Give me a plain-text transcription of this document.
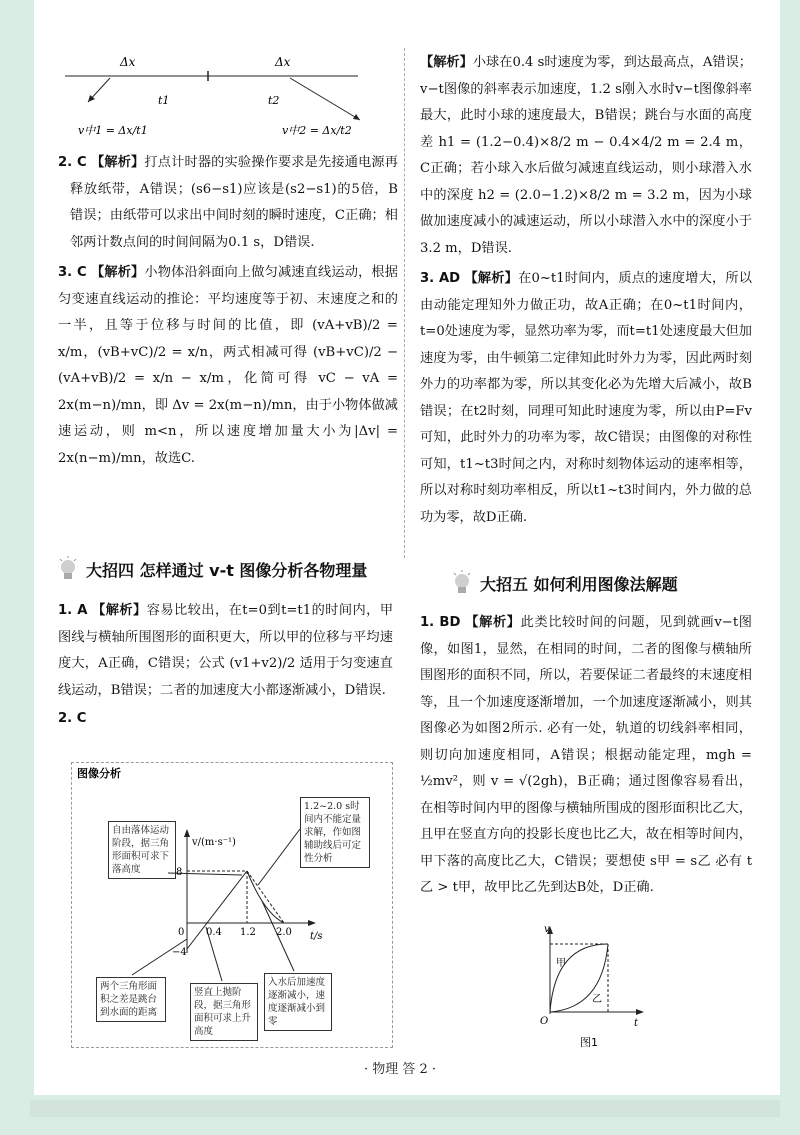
Δx	Δx
t1	t2
v中1 = Δx/t1	v中2 = Δx/t2

2. C 【解析】打点计时器的实验操作要求是先接通电源再释放纸带，A错误；(s6−s1)应该是(s2−s1)的5倍，B错误；由纸带可以求出中间时刻的瞬时速度，C正确；相邻两计数点间的时间间隔为0.1 s，D错误.

3. C 【解析】小物体沿斜面向上做匀减速直线运动，根据匀变速直线运动的推论：平均速度等于初、末速度之和的一半，且等于位移与时间的比值，即 (vA+vB)/2 = x/m，(vB+vC)/2 = x/n，两式相减可得 (vB+vC)/2 − (vA+vB)/2 = x/n − x/m，化简可得 vC − vA = 2x(m−n)/mn，即 Δv = 2x(m−n)/mn，由于小物体做减速运动，则 m<n，所以速度增加量大小为|Δv| = 2x(n−m)/mn，故选C.

大招四 怎样通过 v-t 图像分析各物理量

1. A 【解析】容易比较出，在t=0到t=t1的时间内，甲图线与横轴所围图形的面积更大，所以甲的位移与平均速度大，A正确，C错误；公式 (v1+v2)/2 适用于匀变速直线运动，B错误；二者的加速度大小都逐渐减小，D错误.

2. C

图像分析
自由落体运动阶段，据三角形面积可求下落高度
1.2~2.0 s时间内不能定量求解，作如图辅助线后可定性分析
两个三角形面积之差是跳台到水面的距离
竖直上抛阶段，据三角形面积可求上升高度
入水后加速度逐渐减小，速度逐渐减小到零
v/(m·s⁻¹)
t/s
8
−4
0 0.4 1.2 2.0

【解析】小球在0.4 s时速度为零，到达最高点，A错误；v−t图像的斜率表示加速度，1.2 s刚入水时v−t图像斜率最大，此时小球的速度最大，B错误；跳台与水面的高度差 h1 = (1.2−0.4)×8/2 m − 0.4×4/2 m = 2.4 m，C正确；若小球入水后做匀减速直线运动，则小球潜入水中的深度 h2 = (2.0−1.2)×8/2 m = 3.2 m，因为小球做加速度减小的减速运动，所以小球潜入水中的深度小于3.2 m，D错误.

3. AD 【解析】在0~t1时间内，质点的速度增大，所以由动能定理知外力做正功，故A正确；在0~t1时间内，t=0处速度为零，显然功率为零，而t=t1处速度最大但加速度为零，由牛顿第二定律知此时外力为零，因此两时刻外力的功率都为零，所以其变化必为先增大后减小，故B错误；在t2时刻，同理可知此时速度为零，所以由P=Fv可知，此时外力的功率为零，故C错误；由图像的对称性可知，t1~t3时间之内，对称时刻物体运动的速率相等，所以对称时刻功率相反，所以t1~t3时间内，外力做的总功为零，故D正确.

大招五 如何利用图像法解题

1. BD 【解析】此类比较时间的问题，见到就画v−t图像，如图1，显然，在相同的时间，二者的图像与横轴所围图形的面积不同，所以，若要保证二者最终的末速度相等，且一个加速度逐渐增加，一个加速度逐渐减小，则其图像必为如图2所示. 必有一处，轨道的切线斜率相同，则切向加速度相同，A错误；根据动能定理，mgh = ½mv²，则 v = √(2gh)，B正确；通过图像容易看出，在相等时间内甲的图像与横轴所围成的图形面积比乙大，且甲在竖直方向的投影长度也比乙大，故在相等时间内，甲下落的高度比乙大，C错误；要想使 s甲 = s乙 必有 t乙 > t甲，故甲比乙先到达B处，D正确.

v
t
O
甲
乙
图1
· 物理 答 2 ·
